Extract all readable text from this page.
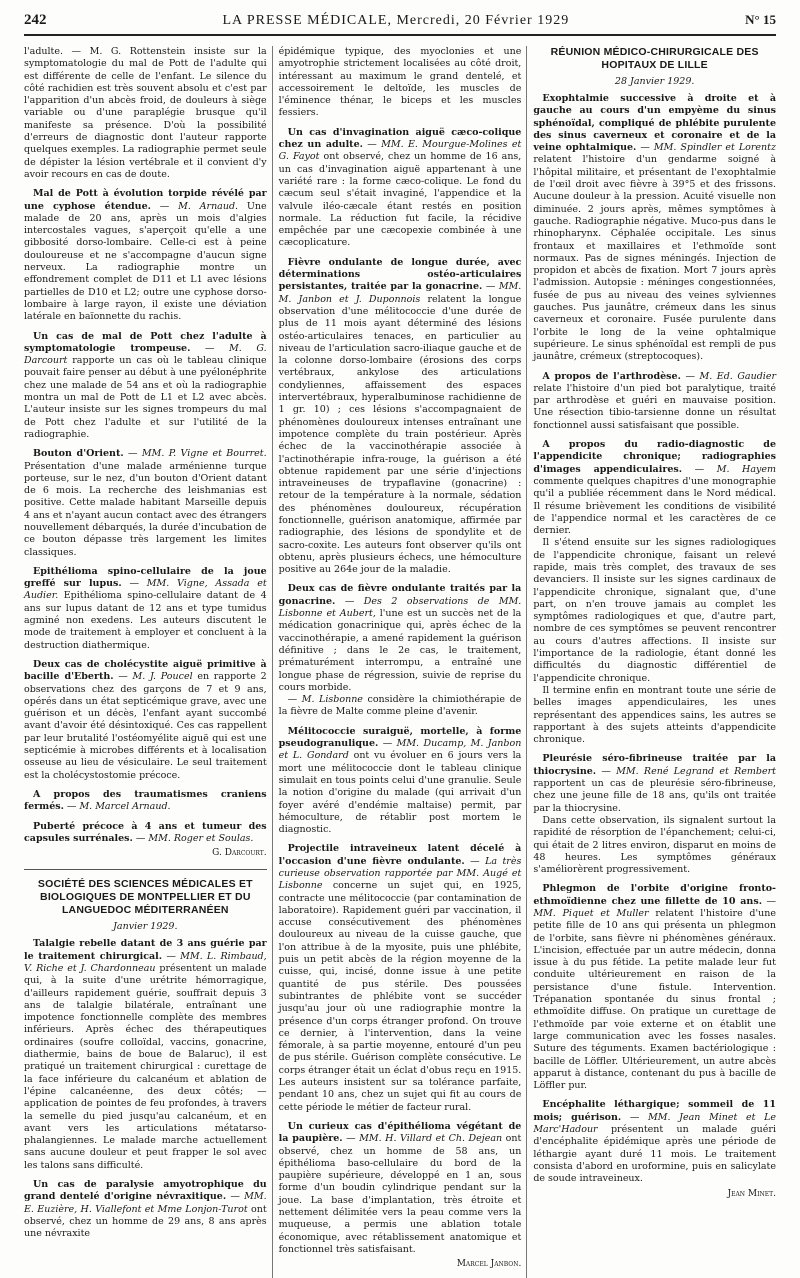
242	LA PRESSE MÉDICALE, Mercredi, 20 Février 1929	N° 15

l'adulte. — M. G. Rottenstein insiste sur la symptomatologie du mal de Pott de l'adulte qui est différente de celle de l'enfant. Le silence du côté rachidien est très souvent absolu et c'est par l'apparition d'un abcès froid, de douleurs à siège variable ou d'une paraplégie brusque qu'il manifeste sa présence. D'où la possibilité d'erreurs de diagnostic dont l'auteur rapporte quelques exemples. La radiographie permet seule de dépister la lésion vertébrale et il convient d'y avoir recours en cas de doute.

Mal de Pott à évolution torpide révélé par une cyphose étendue. — M. Arnaud. Une malade de 20 ans, après un mois d'algies intercostales vagues, s'aperçoit qu'elle a une gibbosité dorso-lombaire. Celle-ci est à peine douloureuse et ne s'accompagne d'aucun signe nerveux. La radiographie montre un effondrement complet de D11 et L1 avec lésions partielles de D10 et L2; outre une cyphose dorso-lombaire à large rayon, il existe une déviation latérale en baïonnette du rachis.

Un cas de mal de Pott chez l'adulte à symptomatologie trompeuse. — M. G. Darcourt rapporte un cas où le tableau clinique pouvait faire penser au début à une pyélonéphrite chez une malade de 54 ans et où la radiographie montra un mal de Pott de L1 et L2 avec abcès. L'auteur insiste sur les signes trompeurs du mal de Pott chez l'adulte et sur l'utilité de la radiographie.

Bouton d'Orient. — MM. P. Vigne et Bourret. Présentation d'une malade arménienne turque porteuse, sur le nez, d'un bouton d'Orient datant de 6 mois. La recherche des leishmanias est positive. Cette malade habitant Marseille depuis 4 ans et n'ayant aucun contact avec des étrangers nouvellement débarqués, la durée d'incubation de ce bouton dépasse très largement les limites classiques.

Epithélioma spino-cellulaire de la joue greffé sur lupus. — MM. Vigne, Assada et Audier. Epithélioma spino-cellulaire datant de 4 ans sur lupus datant de 12 ans et type tumidus agminé non exedens. Les auteurs discutent le mode de traitement à employer et concluent à la destruction diathermique.

Deux cas de cholécystite aiguë primitive à bacille d'Eberth. — M. J. Poucel en rapporte 2 observations chez des garçons de 7 et 9 ans, opérés dans un état septicémique grave, avec une guérison et un décès, l'enfant ayant succombé avant d'avoir été désintoxiqué. Ces cas rappellent par leur brutalité l'ostéomyélite aiguë qui est une septicémie à microbes différents et à localisation osseuse au lieu de vésiculaire. Le seul traitement est la cholécystostomie précoce.

A propos des traumatismes craniens fermés. — M. Marcel Arnaud.

Puberté précoce à 4 ans et tumeur des capsules surrénales. — MM. Roger et Soulas.

G. Darcourt.

SOCIÉTÉ DES SCIENCES MÉDICALES ET BIOLOGIQUES DE MONTPELLIER ET DU LANGUEDOC MÉDITERRANÉEN
Janvier 1929.

Talalgie rebelle datant de 3 ans guérie par le traitement chirurgical. — MM. L. Rimbaud, V. Riche et J. Chardonneau présentent un malade qui, à la suite d'une urétrite hémorragique, d'ailleurs rapidement guérie, souffrait depuis 3 ans de talalgie bilatérale, entraînant une impotence fonctionnelle complète des membres inférieurs. Après échec des thérapeutiques ordinaires (soufre colloïdal, vaccins, gonacrine, diathermie, bains de boue de Balaruc), il est pratiqué un traitement chirurgical : curettage de la face inférieure du calcanéum et ablation de l'épine calcanéenne, des deux côtés; — application de pointes de feu profondes, à travers la semelle du pied jusqu'au calcanéum, et en avant vers les articulations métatarso-phalangiennes. Le malade marche actuellement sans aucune douleur et peut frapper le sol avec les talons sans difficulté.

Un cas de paralysie amyotrophique du grand dentelé d'origine névraxitique. — MM. E. Euzière, H. Viallefont et Mme Lonjon-Turot ont observé, chez un homme de 29 ans, 8 ans après une névraxite

épidémique typique, des myoclonies et une amyotrophie strictement localisées au côté droit, intéressant au maximum le grand dentelé, et accessoirement le deltoïde, les muscles de l'éminence thénar, le biceps et les muscles fessiers.

Un cas d'invagination aiguë cæco-colique chez un adulte. — MM. E. Mourgue-Molines et G. Fayot ont observé, chez un homme de 16 ans, un cas d'invagination aiguë appartenant à une variété rare : la forme cæco-colique. Le fond du cæcum seul s'était invaginé, l'appendice et la valvule iléo-cæcale étant restés en position normale. La réduction fut facile, la récidive empêchée par une cæcopexie combinée à une cæcoplicature.

Fièvre ondulante de longue durée, avec déterminations ostéo-articulaires persistantes, traitée par la gonacrine. — MM. M. Janbon et J. Duponnois relatent la longue observation d'une mélitococcie d'une durée de plus de 11 mois ayant déterminé des lésions ostéo-articulaires tenaces, en particulier au niveau de l'articulation sacro-iliaque gauche et de la colonne dorso-lombaire (érosions des corps vertébraux, ankylose des articulations condyliennes, affaissement des espaces intervertébraux, hyperalbuminose rachidienne de 1 gr. 10) ; ces lésions s'accompagnaient de phénomènes douloureux intenses entraînant une impotence complète du train postérieur. Après échec de la vaccinothérapie associée à l'actinothérapie infra-rouge, la guérison a été obtenue rapidement par une série d'injections intraveineuses de trypaflavine (gonacrine) : retour de la température à la normale, sédation des phénomènes douloureux, récupération fonctionnelle, guérison anatomique, affirmée par radiographie, des lésions de spondylite et de sacro-coxite. Les auteurs font observer qu'ils ont obtenu, après plusieurs échecs, une hémoculture positive au 264e jour de la maladie.

Deux cas de fièvre ondulante traités par la gonacrine. — Des 2 observations de MM. Lisbonne et Aubert, l'une est un succès net de la médication gonacrinique qui, après échec de la vaccinothérapie, a amené rapidement la guérison définitive ; dans le 2e cas, le traitement, prématurément interrompu, a entraîné une longue phase de régression, suivie de reprise du cours morbide.

— M. Lisbonne considère la chimiothérapie de la fièvre de Malte comme pleine d'avenir.

Mélitococcie suraiguë, mortelle, à forme pseudogranulique. — MM. Ducamp, M. Janbon et L. Gondard ont vu évoluer en 6 jours vers la mort une mélitococcie dont le tableau clinique simulait en tous points celui d'une granulie. Seule la notion d'origine du malade (qui arrivait d'un foyer avéré d'endémie maltaise) permit, par hémoculture, de rétablir post mortem le diagnostic.

Projectile intraveineux latent décelé à l'occasion d'une fièvre ondulante. — La très curieuse observation rapportée par MM. Augé et Lisbonne concerne un sujet qui, en 1925, contracte une mélitococcie (par contamination de laboratoire). Rapidement guéri par vaccination, il accuse consécutivement des phénomènes douloureux au niveau de la cuisse gauche, que l'on attribue à de la myosite, puis une phlébite, puis un petit abcès de la région moyenne de la cuisse, qui, incisé, donne issue à une petite quantité de pus stérile. Des poussées subintrantes de phlébite vont se succéder jusqu'au jour où une radiographie montre la présence d'un corps étranger profond. On trouve ce dernier, à l'intervention, dans la veine fémorale, à sa partie moyenne, entouré d'un peu de pus stérile. Guérison complète consécutive. Le corps étranger était un éclat d'obus reçu en 1915. Les auteurs insistent sur sa tolérance parfaite, pendant 10 ans, chez un sujet qui fit au cours de cette période le métier de facteur rural.

Un curieux cas d'épithélioma végétant de la paupière. — MM. H. Villard et Ch. Dejean ont observé, chez un homme de 58 ans, un épithélioma baso-cellulaire du bord de la paupière supérieure, développé en 1 an, sous forme d'un boudin cylindrique pendant sur la joue. La base d'implantation, très étroite et nettement délimitée vers la peau comme vers la muqueuse, a permis une ablation totale économique, avec rétablissement anatomique et fonctionnel très satisfaisant.

Marcel Janbon.

RÉUNION MÉDICO-CHIRURGICALE DES HOPITAUX DE LILLE
28 Janvier 1929.

Exophtalmie successive à droite et à gauche au cours d'un empyème du sinus sphénoïdal, compliqué de phlébite purulente des sinus caverneux et coronaire et de la veine ophtalmique. — MM. Spindler et Lorentz relatent l'histoire d'un gendarme soigné à l'hôpital militaire, et présentant de l'exophtalmie de l'œil droit avec fièvre à 39°5 et des frissons. Aucune douleur à la pression. Acuité visuelle non diminuée. 2 jours après, mêmes symptômes à gauche. Radiographie négative. Muco-pus dans le rhinopharynx. Céphalée occipitale. Les sinus frontaux et maxillaires et l'ethmoïde sont normaux. Pas de signes méningés. Injection de propidon et abcès de fixation. Mort 7 jours après l'admission. Autopsie : méninges congestionnées, fusée de pus au niveau des veines sylviennes gauches. Pus jaunâtre, crémeux dans les sinus caverneux et coronaire. Fusée purulente dans l'orbite le long de la veine ophtalmique supérieure. Le sinus sphénoïdal est rempli de pus jaunâtre, crémeux (streptocoques).

A propos de l'arthrodèse. — M. Ed. Gaudier relate l'histoire d'un pied bot paralytique, traité par arthrodèse et guéri en mauvaise position. Une résection tibio-tarsienne donne un résultat fonctionnel aussi satisfaisant que possible.

A propos du radio-diagnostic de l'appendicite chronique; radiographies d'images appendiculaires. — M. Hayem commente quelques chapitres d'une monographie qu'il a publiée récemment dans le Nord médical. Il résume brièvement les conditions de visibilité de l'appendice normal et les caractères de ce dernier.

Il s'étend ensuite sur les signes radiologiques de l'appendicite chronique, faisant un relevé rapide, mais très complet, des travaux de ses devanciers. Il insiste sur les signes cardinaux de l'appendicite chronique, signalant que, d'une part, on n'en trouve jamais au complet les symptômes radiologiques et que, d'autre part, nombre de ces symptômes se peuvent rencontrer au cours d'autres affections. Il insiste sur l'importance de la radiologie, étant donné les difficultés du diagnostic différentiel de l'appendicite chronique.

Il termine enfin en montrant toute une série de belles images appendiculaires, les unes représentant des appendices sains, les autres se rapportant à des sujets atteints d'appendicite chronique.

Pleurésie séro-fibrineuse traitée par la thiocrysine. — MM. René Legrand et Rembert rapportent un cas de pleurésie séro-fibrineuse, chez une jeune fille de 18 ans, qu'ils ont traitée par la thiocrysine.

Dans cette observation, ils signalent surtout la rapidité de résorption de l'épanchement; celui-ci, qui était de 2 litres environ, disparut en moins de 48 heures. Les symptômes généraux s'améliorèrent progressivement.

Phlegmon de l'orbite d'origine fronto-ethmoïdienne chez une fillette de 10 ans. — MM. Piquet et Muller relatent l'histoire d'une petite fille de 10 ans qui présenta un phlegmon de l'orbite, sans fièvre ni phénomènes généraux. L'incision, effectuée par un autre médecin, donna issue à du pus fétide. La petite malade leur fut conduite ultérieurement en raison de la persistance d'une fistule. Intervention. Trépanation spontanée du sinus frontal ; ethmoïdite diffuse. On pratique un curettage de l'ethmoïde par voie externe et on établit une large communication avec les fosses nasales. Suture des téguments. Examen bactériologique : bacille de Löffler. Ultérieurement, un autre abcès apparut à distance, contenant du pus à bacille de Löffler pur.

Encéphalite léthargique; sommeil de 11 mois; guérison. — MM. Jean Minet et Le Marc'Hadour présentent un malade guéri d'encéphalite épidémique après une période de léthargie ayant duré 11 mois. Le traitement consista d'abord en uroformine, puis en salicylate de soude intraveineux.

Jean Minet.
